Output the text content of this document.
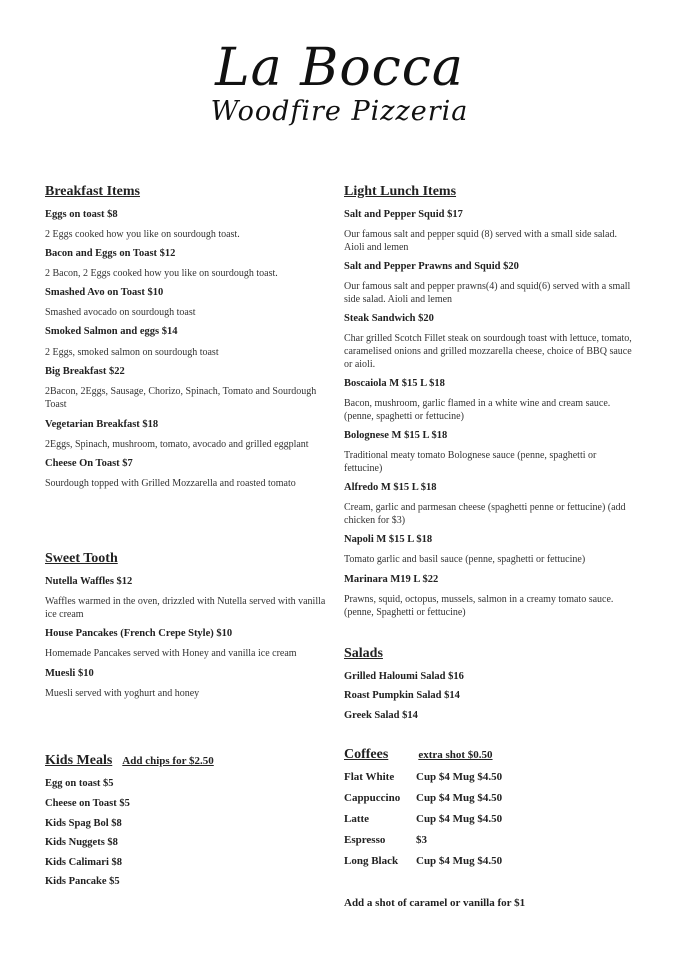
La Bocca
Woodfire Pizzeria
Breakfast Items
Eggs on toast $8
2 Eggs cooked how you like on sourdough toast.
Bacon and Eggs on Toast $12
2 Bacon, 2 Eggs cooked how you like on sourdough toast.
Smashed Avo on Toast $10
Smashed avocado on sourdough toast
Smoked Salmon and eggs $14
2 Eggs, smoked salmon on sourdough toast
Big Breakfast $22
2Bacon, 2Eggs, Sausage, Chorizo, Spinach, Tomato and Sourdough Toast
Vegetarian Breakfast $18
2Eggs, Spinach, mushroom, tomato, avocado and grilled eggplant
Cheese On Toast $7
Sourdough topped with Grilled Mozzarella and roasted tomato
Sweet Tooth
Nutella Waffles $12
Waffles warmed in the oven, drizzled with Nutella served with vanilla ice cream
House Pancakes (French Crepe Style) $10
Homemade Pancakes served with Honey and vanilla ice cream
Muesli $10
Muesli served with yoghurt and honey
Kids Meals Add chips for $2.50
Egg on toast $5
Cheese on Toast $5
Kids Spag Bol $8
Kids Nuggets $8
Kids Calimari $8
Kids Pancake $5
Light Lunch Items
Salt and Pepper Squid $17
Our famous salt and pepper squid (8) served with a small side salad. Aioli and lemen
Salt and Pepper Prawns and Squid $20
Our famous salt and pepper prawns(4) and squid(6) served with a small side salad. Aioli and lemen
Steak Sandwich $20
Char grilled Scotch Fillet steak on sourdough toast with lettuce, tomato, caramelised onions and grilled mozzarella cheese, choice of BBQ sauce or aioli.
Boscaiola M $15 L $18
Bacon, mushroom, garlic flamed in a white wine and cream sauce. (penne, spaghetti or fettucine)
Bolognese M $15 L $18
Traditional meaty tomato Bolognese sauce (penne, spaghetti or fettucine)
Alfredo M $15 L $18
Cream, garlic and parmesan cheese (spaghetti penne or fettucine) (add chicken for $3)
Napoli M $15 L $18
Tomato garlic and basil sauce (penne, spaghetti or fettucine)
Marinara M19 L $22
Prawns, squid, octopus, mussels, salmon in a creamy tomato sauce. (penne, Spaghetti or fettucine)
Salads
Grilled Haloumi Salad $16
Roast Pumpkin Salad $14
Greek Salad $14
Coffees	extra shot $0.50
Flat White Cup $4 Mug $4.50
Cappuccino Cup $4 Mug $4.50
Latte	Cup $4 Mug $4.50
Espresso	$3
Long Black Cup $4 Mug $4.50
Add a shot of caramel or vanilla for $1
